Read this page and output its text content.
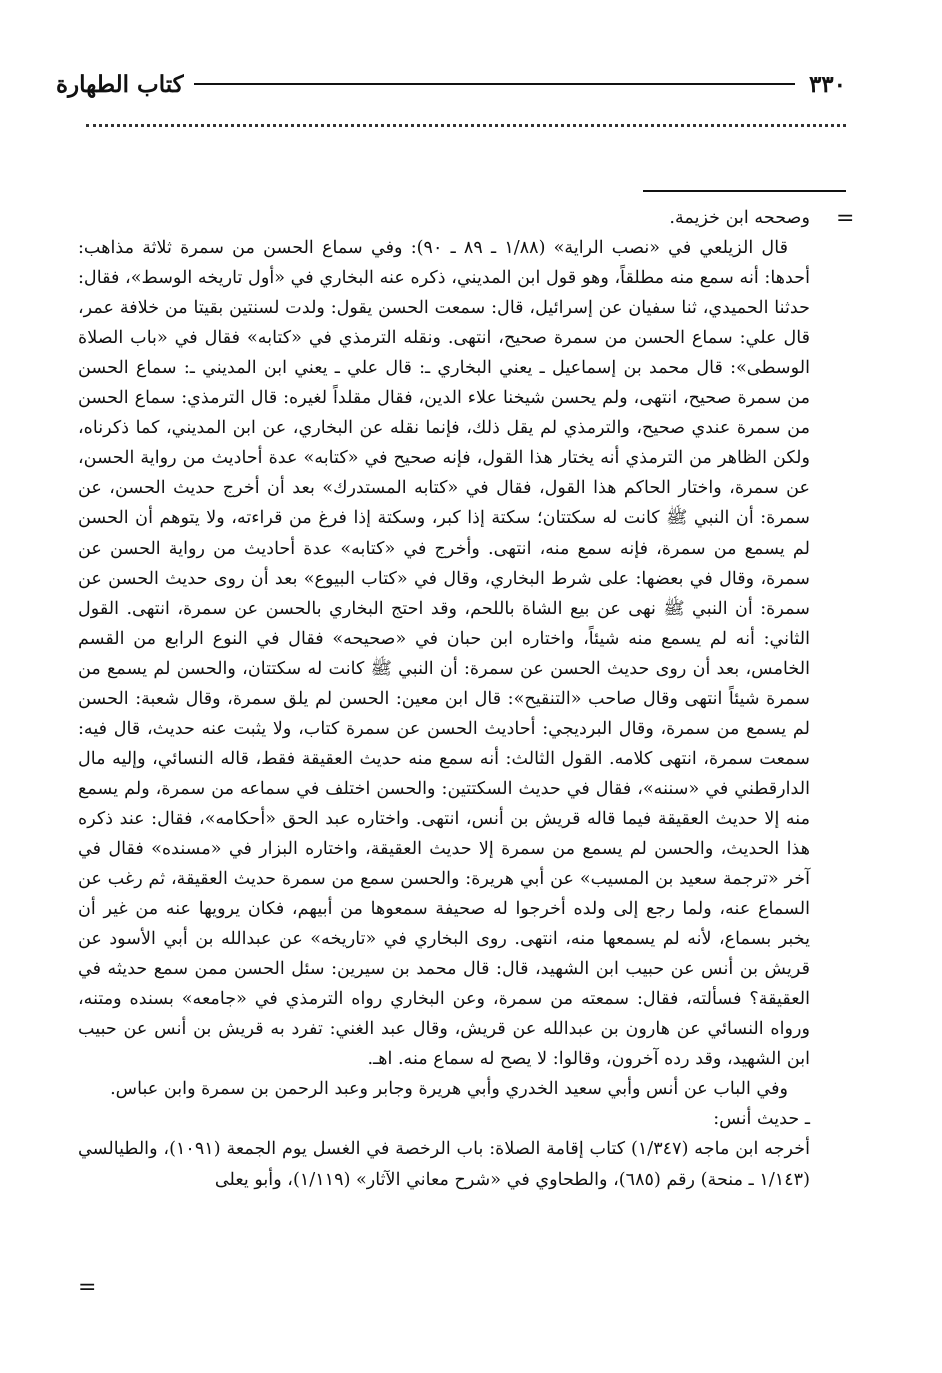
٣٣٠
كتاب الطهارة
=

وصححه ابن خزيمة.

قال الزيلعي في «نصب الراية» (١/٨٨ ـ ٨٩ ـ ٩٠): وفي سماع الحسن من سمرة ثلاثة مذاهب: أحدها: أنه سمع منه مطلقاً، وهو قول ابن المديني، ذكره عنه البخاري في «أول تاريخه الوسط»، فقال: حدثنا الحميدي، ثنا سفيان عن إسرائيل، قال: سمعت الحسن يقول: ولدت لسنتين بقيتا من خلافة عمر، قال علي: سماع الحسن من سمرة صحيح، انتهى. ونقله الترمذي في «كتابه» فقال في «باب الصلاة الوسطى»: قال محمد بن إسماعيل ـ يعني البخاري ـ: قال علي ـ يعني ابن المديني ـ: سماع الحسن من سمرة صحيح، انتهى، ولم يحسن شيخنا علاء الدين، فقال مقلداً لغيره: قال الترمذي: سماع الحسن من سمرة عندي صحيح، والترمذي لم يقل ذلك، فإنما نقله عن البخاري، عن ابن المديني، كما ذكرناه، ولكن الظاهر من الترمذي أنه يختار هذا القول، فإنه صحيح في «كتابه» عدة أحاديث من رواية الحسن، عن سمرة، واختار الحاكم هذا القول، فقال في «كتابه المستدرك» بعد أن أخرج حديث الحسن، عن سمرة: أن النبي ﷺ كانت له سكتتان؛ سكتة إذا كبر، وسكتة إذا فرغ من قراءته، ولا يتوهم أن الحسن لم يسمع من سمرة، فإنه سمع منه، انتهى. وأخرج في «كتابه» عدة أحاديث من رواية الحسن عن سمرة، وقال في بعضها: على شرط البخاري، وقال في «كتاب البيوع» بعد أن روى حديث الحسن عن سمرة: أن النبي ﷺ نهى عن بيع الشاة باللحم، وقد احتج البخاري بالحسن عن سمرة، انتهى. القول الثاني: أنه لم يسمع منه شيئاً، واختاره ابن حبان في «صحيحه» فقال في النوع الرابع من القسم الخامس، بعد أن روى حديث الحسن عن سمرة: أن النبي ﷺ كانت له سكتتان، والحسن لم يسمع من سمرة شيئاً انتهى وقال صاحب «التنقيح»: قال ابن معين: الحسن لم يلق سمرة، وقال شعبة: الحسن لم يسمع من سمرة، وقال البرديجي: أحاديث الحسن عن سمرة كتاب، ولا يثبت عنه حديث، قال فيه: سمعت سمرة، انتهى كلامه. القول الثالث: أنه سمع منه حديث العقيقة فقط، قاله النسائي، وإليه مال الدارقطني في «سننه»، فقال في حديث السكتتين: والحسن اختلف في سماعه من سمرة، ولم يسمع منه إلا حديث العقيقة فيما قاله قريش بن أنس، انتهى. واختاره عبد الحق «أحكامه»، فقال: عند ذكره هذا الحديث، والحسن لم يسمع من سمرة إلا حديث العقيقة، واختاره البزار في «مسنده» فقال في آخر «ترجمة سعيد بن المسيب» عن أبي هريرة: والحسن سمع من سمرة حديث العقيقة، ثم رغب عن السماع عنه، ولما رجع إلى ولده أخرجوا له صحيفة سمعوها من أبيهم، فكان يرويها عنه من غير أن يخبر بسماع، لأنه لم يسمعها منه، انتهى. روى البخاري في «تاريخه» عن عبدالله بن أبي الأسود عن قريش بن أنس عن حبيب ابن الشهيد، قال: قال محمد بن سيرين: سئل الحسن ممن سمع حديثه في العقيقة؟ فسألته، فقال: سمعته من سمرة، وعن البخاري رواه الترمذي في «جامعه» بسنده ومتنه، ورواه النسائي عن هارون بن عبدالله عن قريش، وقال عبد الغني: تفرد به قريش بن أنس عن حبيب ابن الشهيد، وقد رده آخرون، وقالوا: لا يصح له سماع منه. اهـ.

وفي الباب عن أنس وأبي سعيد الخدري وأبي هريرة وجابر وعبد الرحمن بن سمرة وابن عباس.

ـ حديث أنس:

أخرجه ابن ماجه (١/٣٤٧) كتاب إقامة الصلاة: باب الرخصة في الغسل يوم الجمعة (١٠٩١)، والطيالسي (١/١٤٣ ـ منحة) رقم (٦٨٥)، والطحاوي في «شرح معاني الآثار» (١/١١٩)، وأبو يعلى

=
